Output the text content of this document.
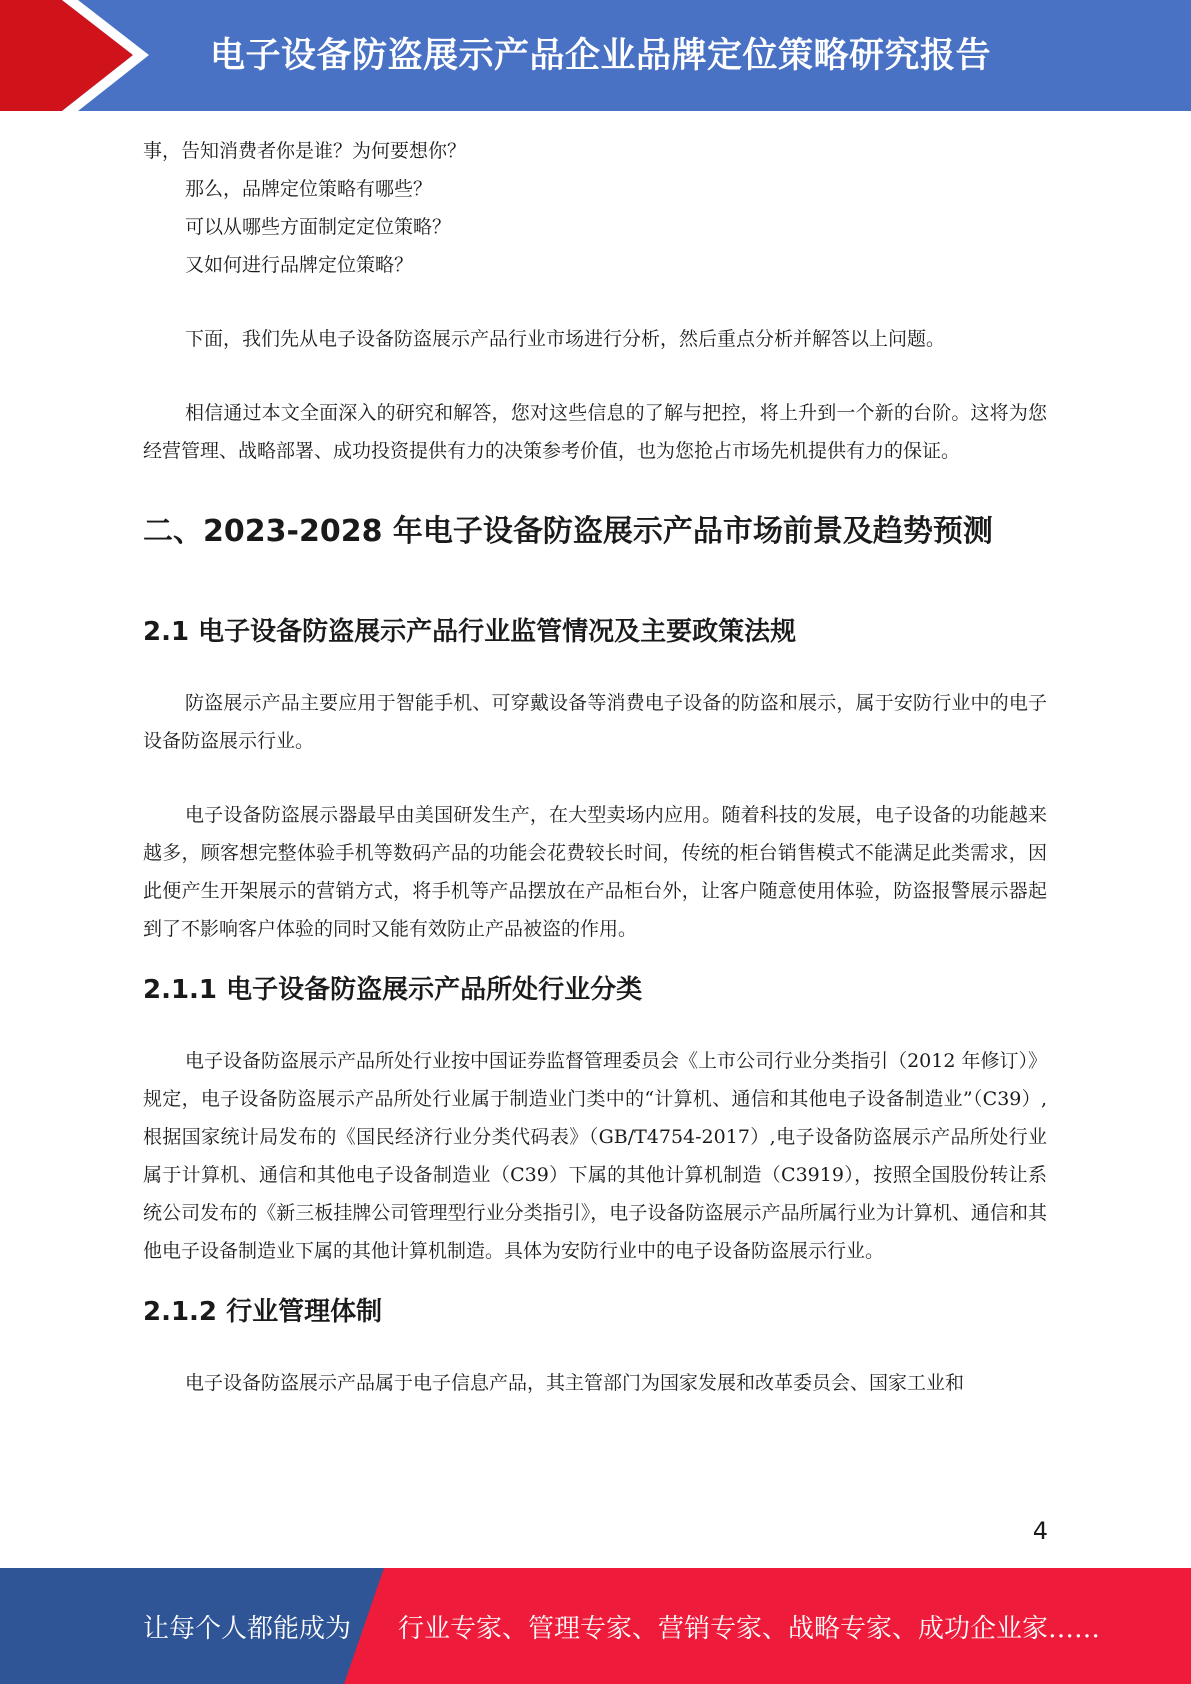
电子设备防盗展示产品企业品牌定位策略研究报告

事，告知消费者你是谁？为何要想你？

那么，品牌定位策略有哪些？

可以从哪些方面制定定位策略？

又如何进行品牌定位策略？

下面，我们先从电子设备防盗展示产品行业市场进行分析，然后重点分析并解答以上问题。

相信通过本文全面深入的研究和解答，您对这些信息的了解与把控，将上升到一个新的台阶。这将为您经营管理、战略部署、成功投资提供有力的决策参考价值，也为您抢占市场先机提供有力的保证。

二、2023-2028 年电子设备防盗展示产品市场前景及趋势预测
2.1 电子设备防盗展示产品行业监管情况及主要政策法规

防盗展示产品主要应用于智能手机、可穿戴设备等消费电子设备的防盗和展示，属于安防行业中的电子设备防盗展示行业。

电子设备防盗展示器最早由美国研发生产，在大型卖场内应用。随着科技的发展，电子设备的功能越来越多，顾客想完整体验手机等数码产品的功能会花费较长时间，传统的柜台销售模式不能满足此类需求，因此便产生开架展示的营销方式，将手机等产品摆放在产品柜台外，让客户随意使用体验，防盗报警展示器起到了不影响客户体验的同时又能有效防止产品被盗的作用。

2.1.1 电子设备防盗展示产品所处行业分类

电子设备防盗展示产品所处行业按中国证券监督管理委员会《上市公司行业分类指引（2012 年修订）》规定，电子设备防盗展示产品所处行业属于制造业门类中的“计算机、通信和其他电子设备制造业”（C39）,根据国家统计局发布的《国民经济行业分类代码表》（GB/T4754-2017）,电子设备防盗展示产品所处行业属于计算机、通信和其他电子设备制造业（C39）下属的其他计算机制造（C3919），按照全国股份转让系统公司发布的《新三板挂牌公司管理型行业分类指引》，电子设备防盗展示产品所属行业为计算机、通信和其他电子设备制造业下属的其他计算机制造。具体为安防行业中的电子设备防盗展示行业。

2.1.2 行业管理体制

电子设备防盗展示产品属于电子信息产品，其主管部门为国家发展和改革委员会、国家工业和

4
让每个人都能成为 行业专家、管理专家、营销专家、战略专家、成功企业家……
